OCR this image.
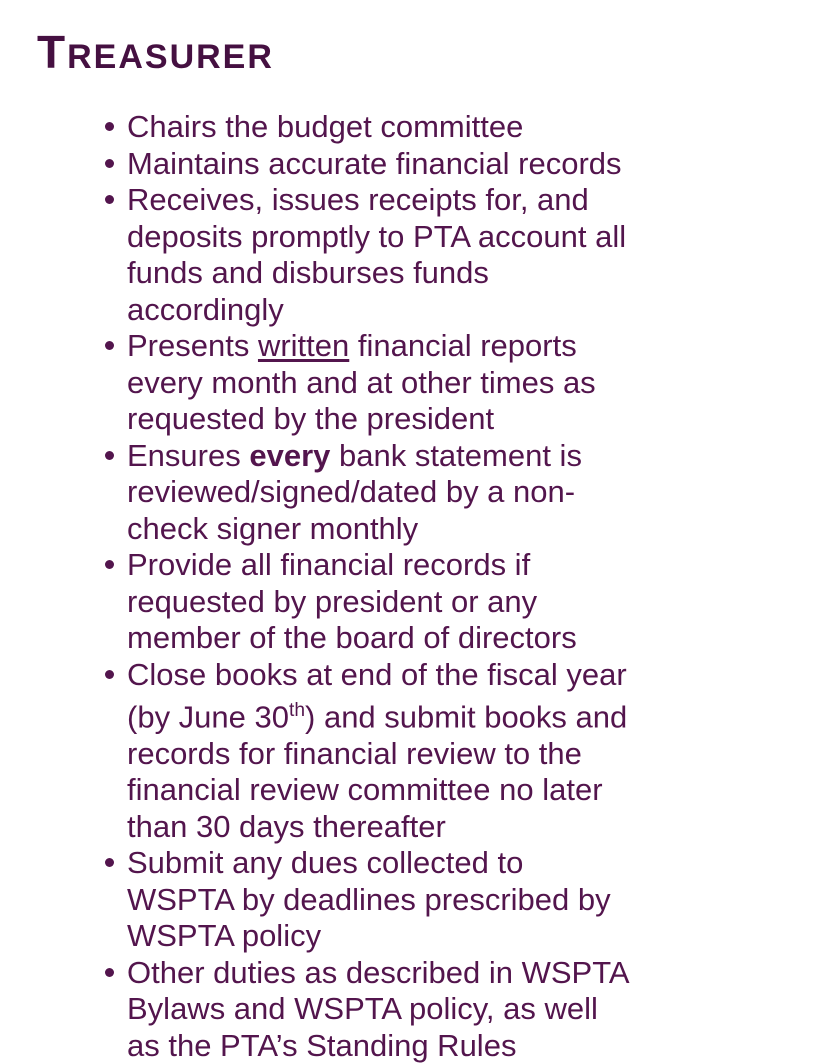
TREASURER
Chairs the budget committee
Maintains accurate financial records
Receives, issues receipts for, and deposits promptly to PTA account all funds and disburses funds accordingly
Presents written financial reports every month and at other times as requested by the president
Ensures every bank statement is reviewed/signed/dated by a non-check signer monthly
Provide all financial records if requested by president or any member of the board of directors
Close books at end of the fiscal year (by June 30th) and submit books and records for financial review to the financial review committee no later than 30 days thereafter
Submit any dues collected to WSPTA by deadlines prescribed by WSPTA policy
Other duties as described in WSPTA Bylaws and WSPTA policy, as well as the PTA’s Standing Rules
